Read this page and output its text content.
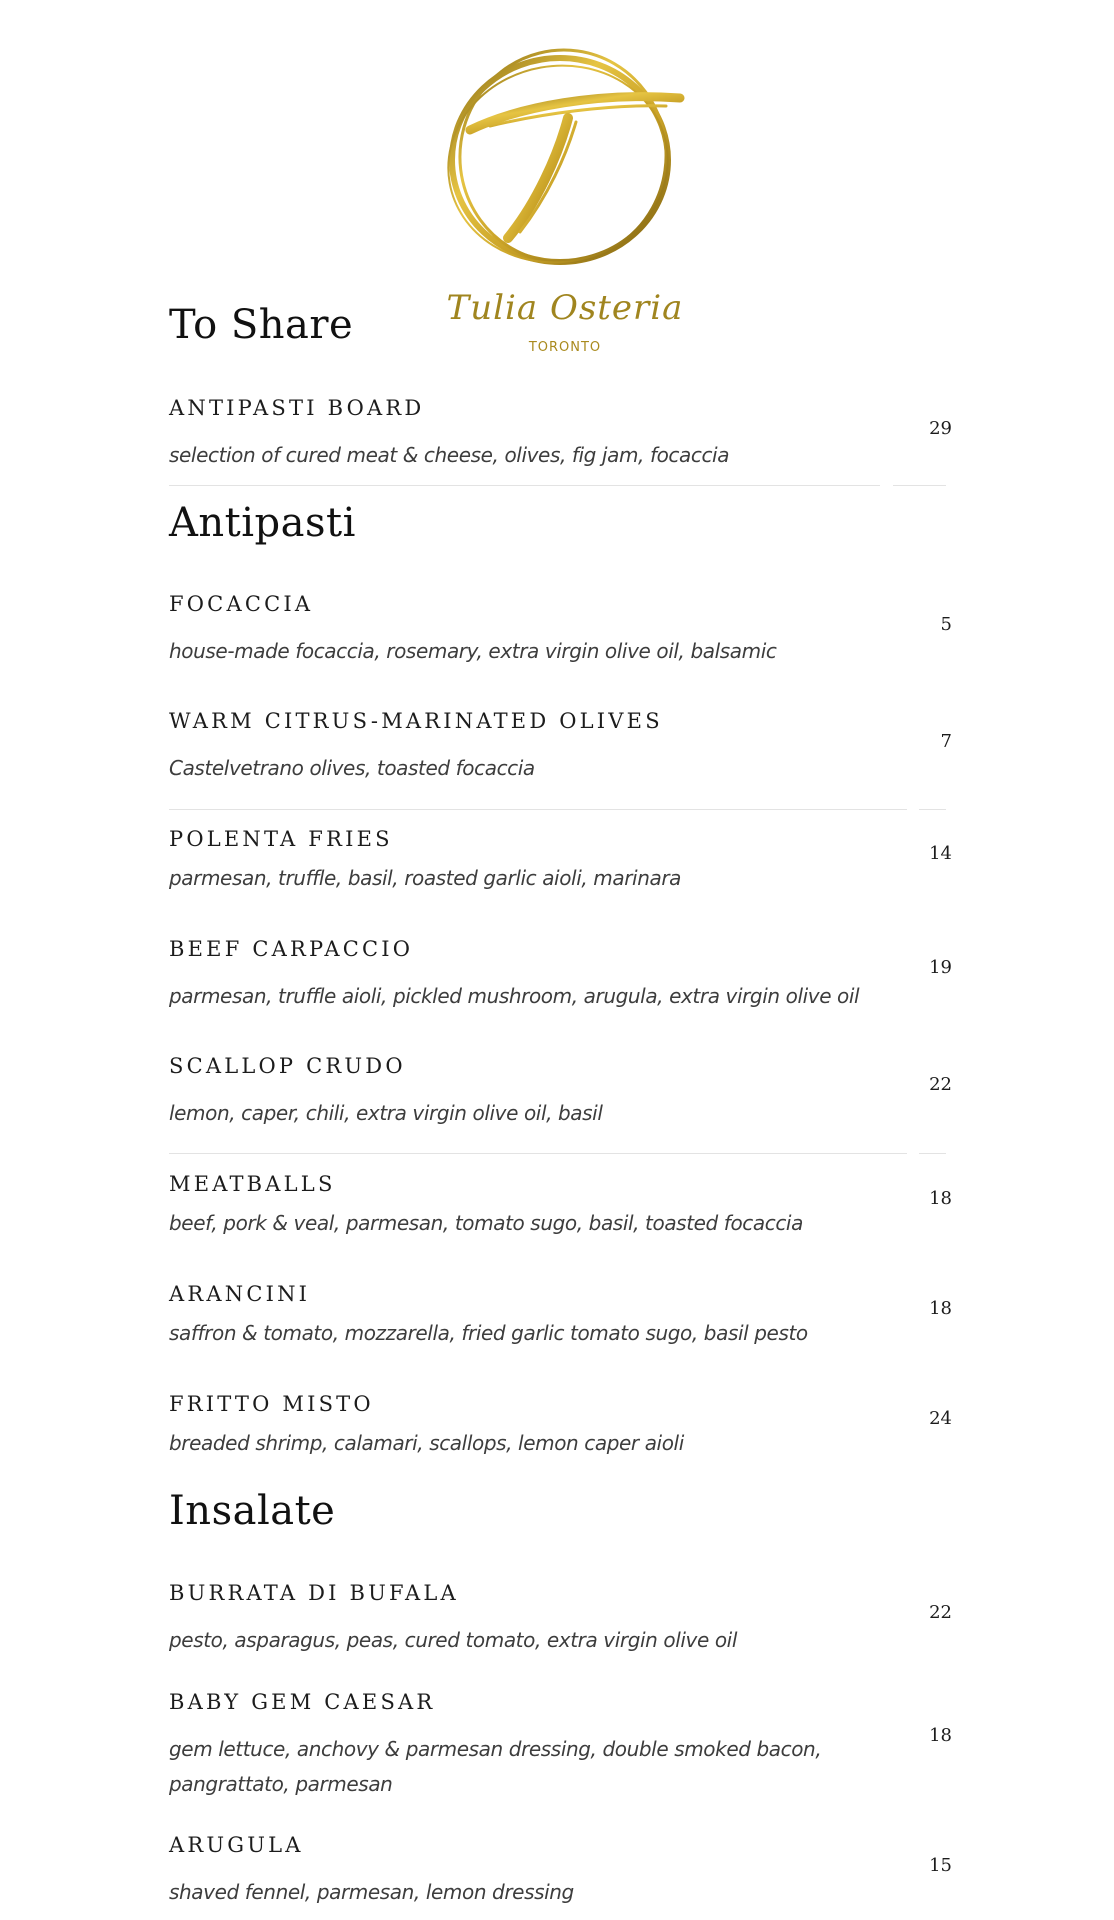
Tulia Osteria
TORONTO
To Share
ANTIPASTI BOARD
selection of cured meat & cheese, olives, fig jam, focaccia
29
Antipasti
FOCACCIA
house-made focaccia, rosemary, extra virgin olive oil, balsamic
5
WARM CITRUS-MARINATED OLIVES
Castelvetrano olives, toasted focaccia
7
POLENTA FRIES
parmesan, truffle, basil, roasted garlic aioli, marinara
14
BEEF CARPACCIO
parmesan, truffle aioli, pickled mushroom, arugula, extra virgin olive oil
19
SCALLOP CRUDO
lemon, caper, chili, extra virgin olive oil, basil
22
MEATBALLS
beef, pork & veal, parmesan, tomato sugo, basil, toasted focaccia
18
ARANCINI
saffron & tomato, mozzarella, fried garlic tomato sugo, basil pesto
18
FRITTO MISTO
breaded shrimp, calamari, scallops, lemon caper aioli
24
Insalate
BURRATA DI BUFALA
pesto, asparagus, peas, cured tomato, extra virgin olive oil
22
BABY GEM CAESAR
gem lettuce, anchovy & parmesan dressing, double smoked bacon, pangrattato, parmesan
18
ARUGULA
shaved fennel, parmesan, lemon dressing
15
